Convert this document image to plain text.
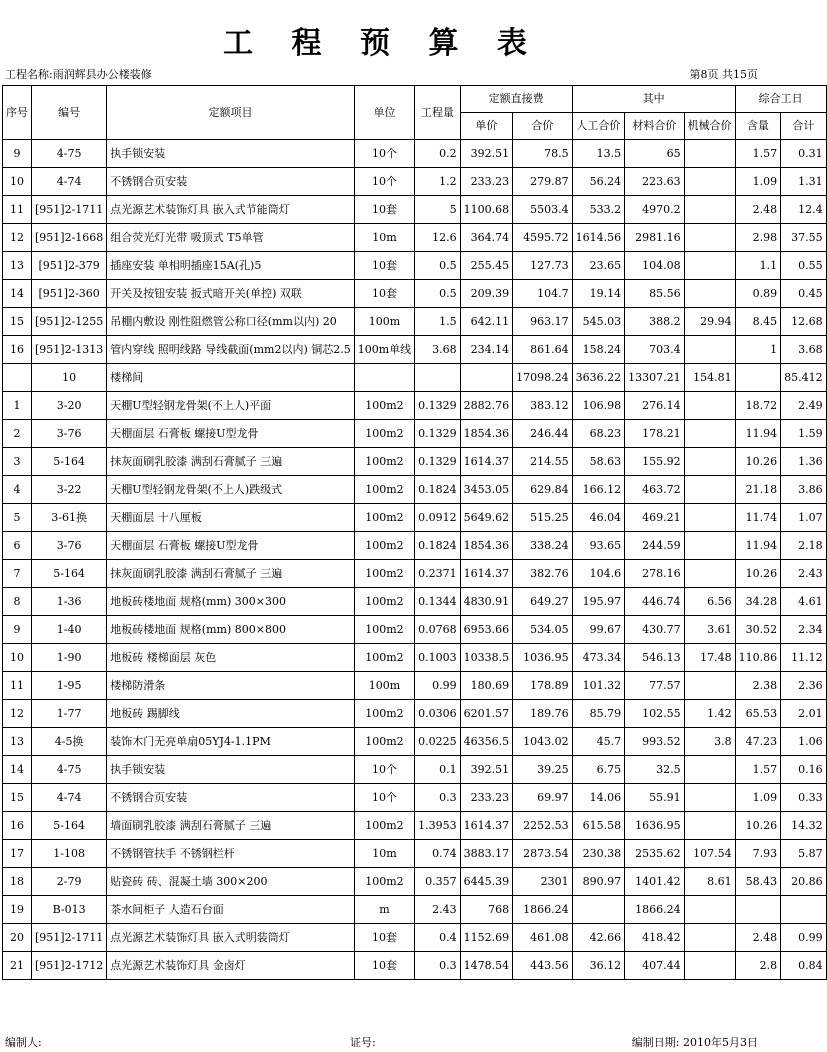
工 程 预 算 表
工程名称:雨润辉县办公楼装修	第8页 共15页
序号	编号	定额项目	单位	工程量	定额直接费		其中			综合工日	
					单价	合价	人工合价	材料合价	机械合价	含量	合计
9	4-75	执手锁安装	10个	0.2	392.51	78.5	13.5	65		1.57	0.31
10	4-74	不锈钢合页安装	10个	1.2	233.23	279.87	56.24	223.63		1.09	1.31
11	[951]2-1711	点光源艺术装饰灯具 嵌入式节能筒灯	10套	5	1100.68	5503.4	533.2	4970.2		2.48	12.4
12	[951]2-1668	组合荧光灯光带 吸顶式 T5单管	10m	12.6	364.74	4595.72	1614.56	2981.16		2.98	37.55
13	[951]2-379	插座安装 单相明插座15A(孔)5	10套	0.5	255.45	127.73	23.65	104.08		1.1	0.55
14	[951]2-360	开关及按钮安装 扳式暗开关(单控) 双联	10套	0.5	209.39	104.7	19.14	85.56		0.89	0.45
15	[951]2-1255	吊棚内敷设 刚性阻燃管公称口径(mm以内) 20	100m	1.5	642.11	963.17	545.03	388.2	29.94	8.45	12.68
16	[951]2-1313	管内穿线 照明线路 导线截面(mm2以内) 铜芯2.5	100m单线	3.68	234.14	861.64	158.24	703.4		1	3.68

	10	楼梯间				17098.24	3636.22	13307.21	154.81		85.412
1	3-20	天棚U型轻钢龙骨架(不上人)平面	100m2	0.1329	2882.76	383.12	106.98	276.14		18.72	2.49
2	3-76	天棚面层 石膏板 螺接U型龙骨	100m2	0.1329	1854.36	246.44	68.23	178.21		11.94	1.59
3	5-164	抹灰面刷乳胶漆 满刮石膏腻子 三遍	100m2	0.1329	1614.37	214.55	58.63	155.92		10.26	1.36
4	3-22	天棚U型轻钢龙骨架(不上人)跌级式	100m2	0.1824	3453.05	629.84	166.12	463.72		21.18	3.86
5	3-61换	天棚面层 十八厘板	100m2	0.0912	5649.62	515.25	46.04	469.21		11.74	1.07
6	3-76	天棚面层 石膏板 螺接U型龙骨	100m2	0.1824	1854.36	338.24	93.65	244.59		11.94	2.18
7	5-164	抹灰面刷乳胶漆 满刮石膏腻子 三遍	100m2	0.2371	1614.37	382.76	104.6	278.16		10.26	2.43
8	1-36	地板砖楼地面 规格(mm) 300×300	100m2	0.1344	4830.91	649.27	195.97	446.74	6.56	34.28	4.61
9	1-40	地板砖楼地面 规格(mm) 800×800	100m2	0.0768	6953.66	534.05	99.67	430.77	3.61	30.52	2.34
10	1-90	地板砖 楼梯面层 灰色	100m2	0.1003	10338.5	1036.95	473.34	546.13	17.48	110.86	11.12
11	1-95	楼梯防滑条	100m	0.99	180.69	178.89	101.32	77.57		2.38	2.36
12	1-77	地板砖 踢脚线	100m2	0.0306	6201.57	189.76	85.79	102.55	1.42	65.53	2.01
13	4-5换	装饰木门无亮单扇05YJ4-1.1PM	100m2	0.0225	46356.5	1043.02	45.7	993.52	3.8	47.23	1.06
14	4-75	执手锁安装	10个	0.1	392.51	39.25	6.75	32.5		1.57	0.16
15	4-74	不锈钢合页安装	10个	0.3	233.23	69.97	14.06	55.91		1.09	0.33
16	5-164	墙面刷乳胶漆 满刮石膏腻子 三遍	100m2	1.3953	1614.37	2252.53	615.58	1636.95		10.26	14.32
17	1-108	不锈钢管扶手 不锈钢栏杆	10m	0.74	3883.17	2873.54	230.38	2535.62	107.54	7.93	5.87
18	2-79	贴瓷砖 砖、混凝土墙 300×200	100m2	0.357	6445.39	2301	890.97	1401.42	8.61	58.43	20.86
19	B-013	茶水间柜子 人造石台面	m	2.43	768	1866.24		1866.24			
20	[951]2-1711	点光源艺术装饰灯具 嵌入式明装筒灯	10套	0.4	1152.69	461.08	42.66	418.42		2.48	0.99
21	[951]2-1712	点光源艺术装饰灯具 金卤灯	10套	0.3	1478.54	443.56	36.12	407.44		2.8	0.84
编制人:	证号:	编制日期: 2010年5月3日
